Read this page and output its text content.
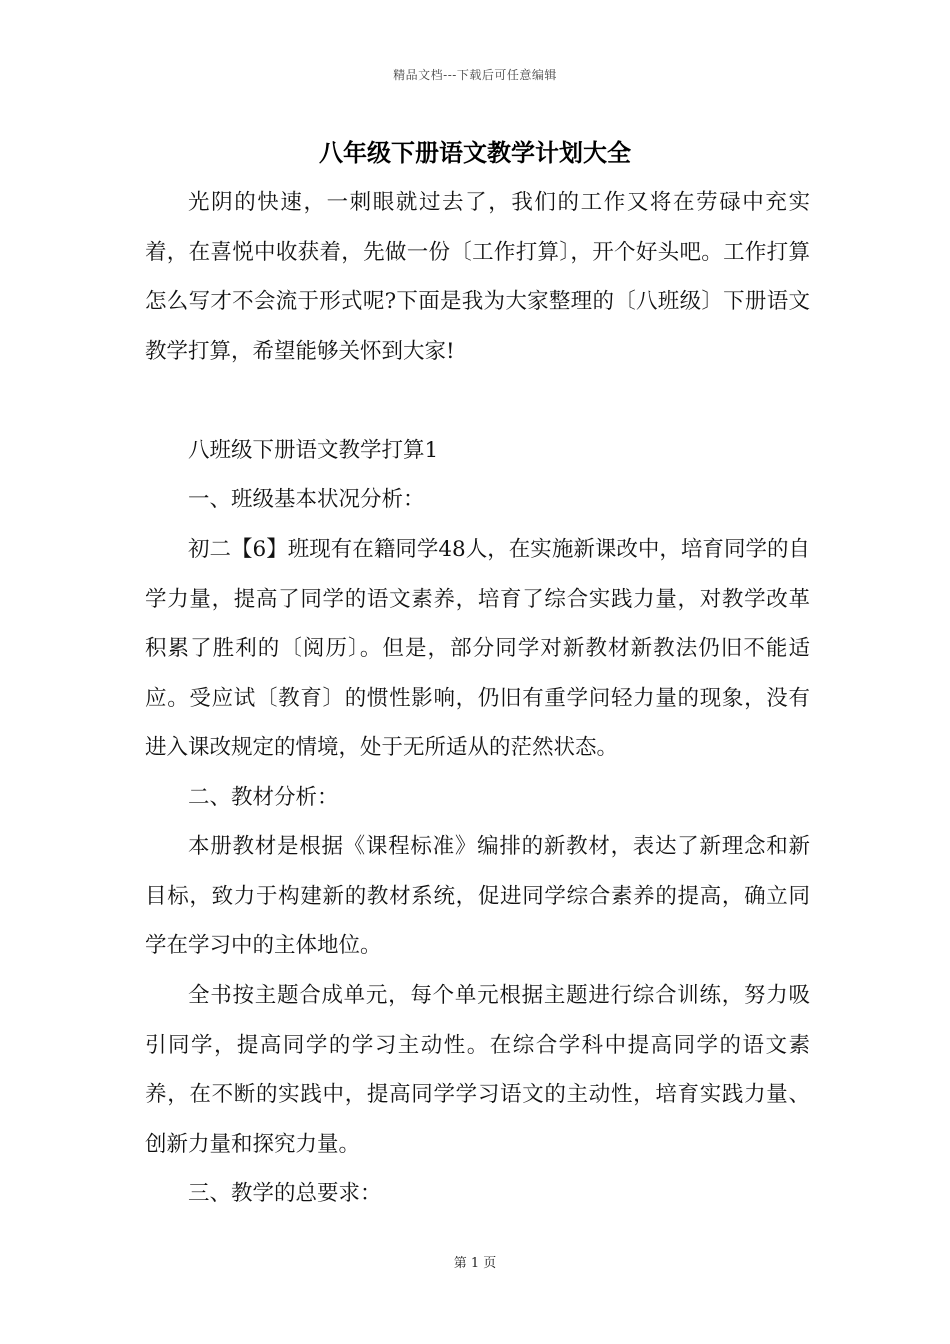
精品文档---下载后可任意编辑
八年级下册语文教学计划大全

光阴的快速，一刺眼就过去了，我们的工作又将在劳碌中充实着，在喜悦中收获着，先做一份〔工作打算〕，开个好头吧。工作打算怎么写才不会流于形式呢?下面是我为大家整理的〔八班级〕下册语文教学打算，希望能够关怀到大家!

八班级下册语文教学打算1

一、班级基本状况分析：

初二【6】班现有在籍同学48人，在实施新课改中，培育同学的自学力量，提高了同学的语文素养，培育了综合实践力量，对教学改革积累了胜利的〔阅历〕。但是，部分同学对新教材新教法仍旧不能适应。受应试〔教育〕的惯性影响，仍旧有重学问轻力量的现象，没有进入课改规定的情境，处于无所适从的茫然状态。

二、教材分析：

本册教材是根据《课程标准》编排的新教材，表达了新理念和新目标，致力于构建新的教材系统，促进同学综合素养的提高，确立同学在学习中的主体地位。

全书按主题合成单元，每个单元根据主题进行综合训练，努力吸引同学，提高同学的学习主动性。在综合学科中提高同学的语文素养，在不断的实践中，提高同学学习语文的主动性，培育实践力量、创新力量和探究力量。

三、教学的总要求：

第 1 页
